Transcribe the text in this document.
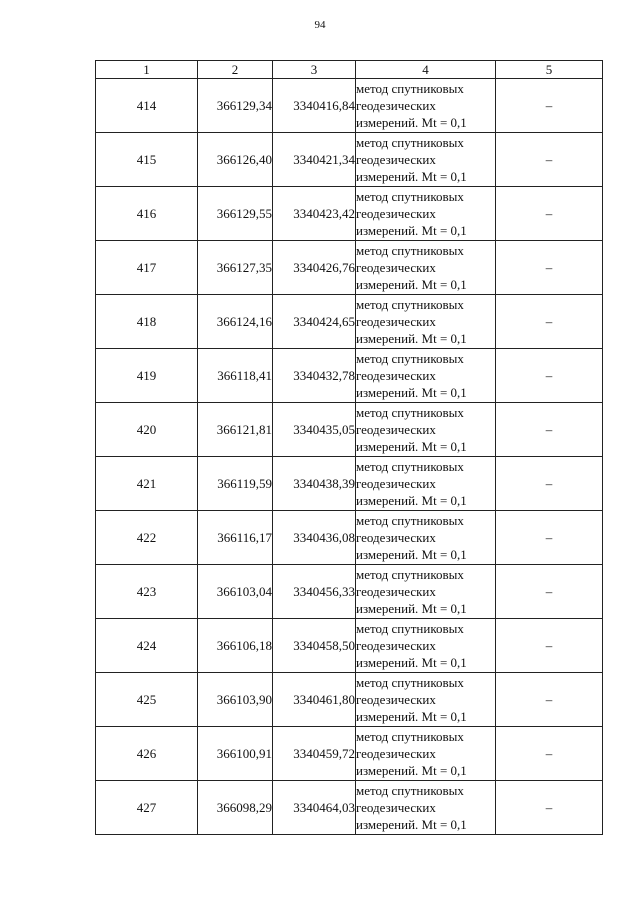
94
1	2	3	4	5
414	366129,34	3340416,84	метод спутниковых
геодезических
измерений. Mt = 0,1	–
415	366126,40	3340421,34	метод спутниковых
геодезических
измерений. Mt = 0,1	–
416	366129,55	3340423,42	метод спутниковых
геодезических
измерений. Mt = 0,1	–
417	366127,35	3340426,76	метод спутниковых
геодезических
измерений. Mt = 0,1	–
418	366124,16	3340424,65	метод спутниковых
геодезических
измерений. Mt = 0,1	–
419	366118,41	3340432,78	метод спутниковых
геодезических
измерений. Mt = 0,1	–
420	366121,81	3340435,05	метод спутниковых
геодезических
измерений. Mt = 0,1	–
421	366119,59	3340438,39	метод спутниковых
геодезических
измерений. Mt = 0,1	–
422	366116,17	3340436,08	метод спутниковых
геодезических
измерений. Mt = 0,1	–
423	366103,04	3340456,33	метод спутниковых
геодезических
измерений. Mt = 0,1	–
424	366106,18	3340458,50	метод спутниковых
геодезических
измерений. Mt = 0,1	–
425	366103,90	3340461,80	метод спутниковых
геодезических
измерений. Mt = 0,1	–
426	366100,91	3340459,72	метод спутниковых
геодезических
измерений. Mt = 0,1	–
427	366098,29	3340464,03	метод спутниковых
геодезических
измерений. Mt = 0,1	–
